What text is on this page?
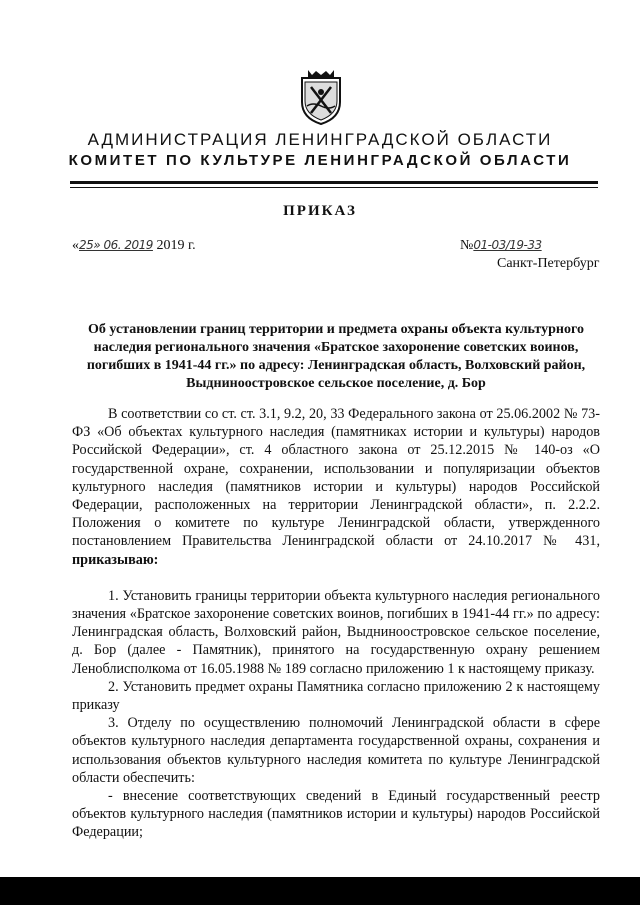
АДМИНИСТРАЦИЯ ЛЕНИНГРАДСКОЙ ОБЛАСТИ
КОМИТЕТ ПО КУЛЬТУРЕ ЛЕНИНГРАДСКОЙ ОБЛАСТИ
ПРИКАЗ
«25» 06. 2019 2019 г.	№01-03/19-33
Санкт-Петербург
Об установлении границ территории и предмета охраны объекта культурного наследия регионального значения «Братское захоронение советских воинов, погибших в 1941-44 гг.» по адресу: Ленинградская область, Волховский район, Выдниноостровское сельское поселение, д. Бор

В соответствии со ст. ст. 3.1, 9.2, 20, 33 Федерального закона от 25.06.2002 № 73-ФЗ «Об объектах культурного наследия (памятниках истории и культуры) народов Российской Федерации», ст. 4 областного закона от 25.12.2015 № 140-оз «О государственной охране, сохранении, использовании и популяризации объектов культурного наследия (памятников истории и культуры) народов Российской Федерации, расположенных на территории Ленинградской области», п. 2.2.2. Положения о комитете по культуре Ленинградской области, утвержденного постановлением Правительства Ленинградской области от 24.10.2017 № 431, приказываю:

1. Установить границы территории объекта культурного наследия регионального значения «Братское захоронение советских воинов, погибших в 1941-44 гг.» по адресу: Ленинградская область, Волховский район, Выдниноостровское сельское поселение, д. Бор (далее - Памятник), принятого на государственную охрану решением Леноблисполкома от 16.05.1988 № 189 согласно приложению 1 к настоящему приказу.

2. Установить предмет охраны Памятника согласно приложению 2 к настоящему приказу

3. Отделу по осуществлению полномочий Ленинградской области в сфере объектов культурного наследия департамента государственной охраны, сохранения и использования объектов культурного наследия комитета по культуре Ленинградской области обеспечить:

- внесение соответствующих сведений в Единый государственный реестр объектов культурного наследия (памятников истории и культуры) народов Российской Федерации;
